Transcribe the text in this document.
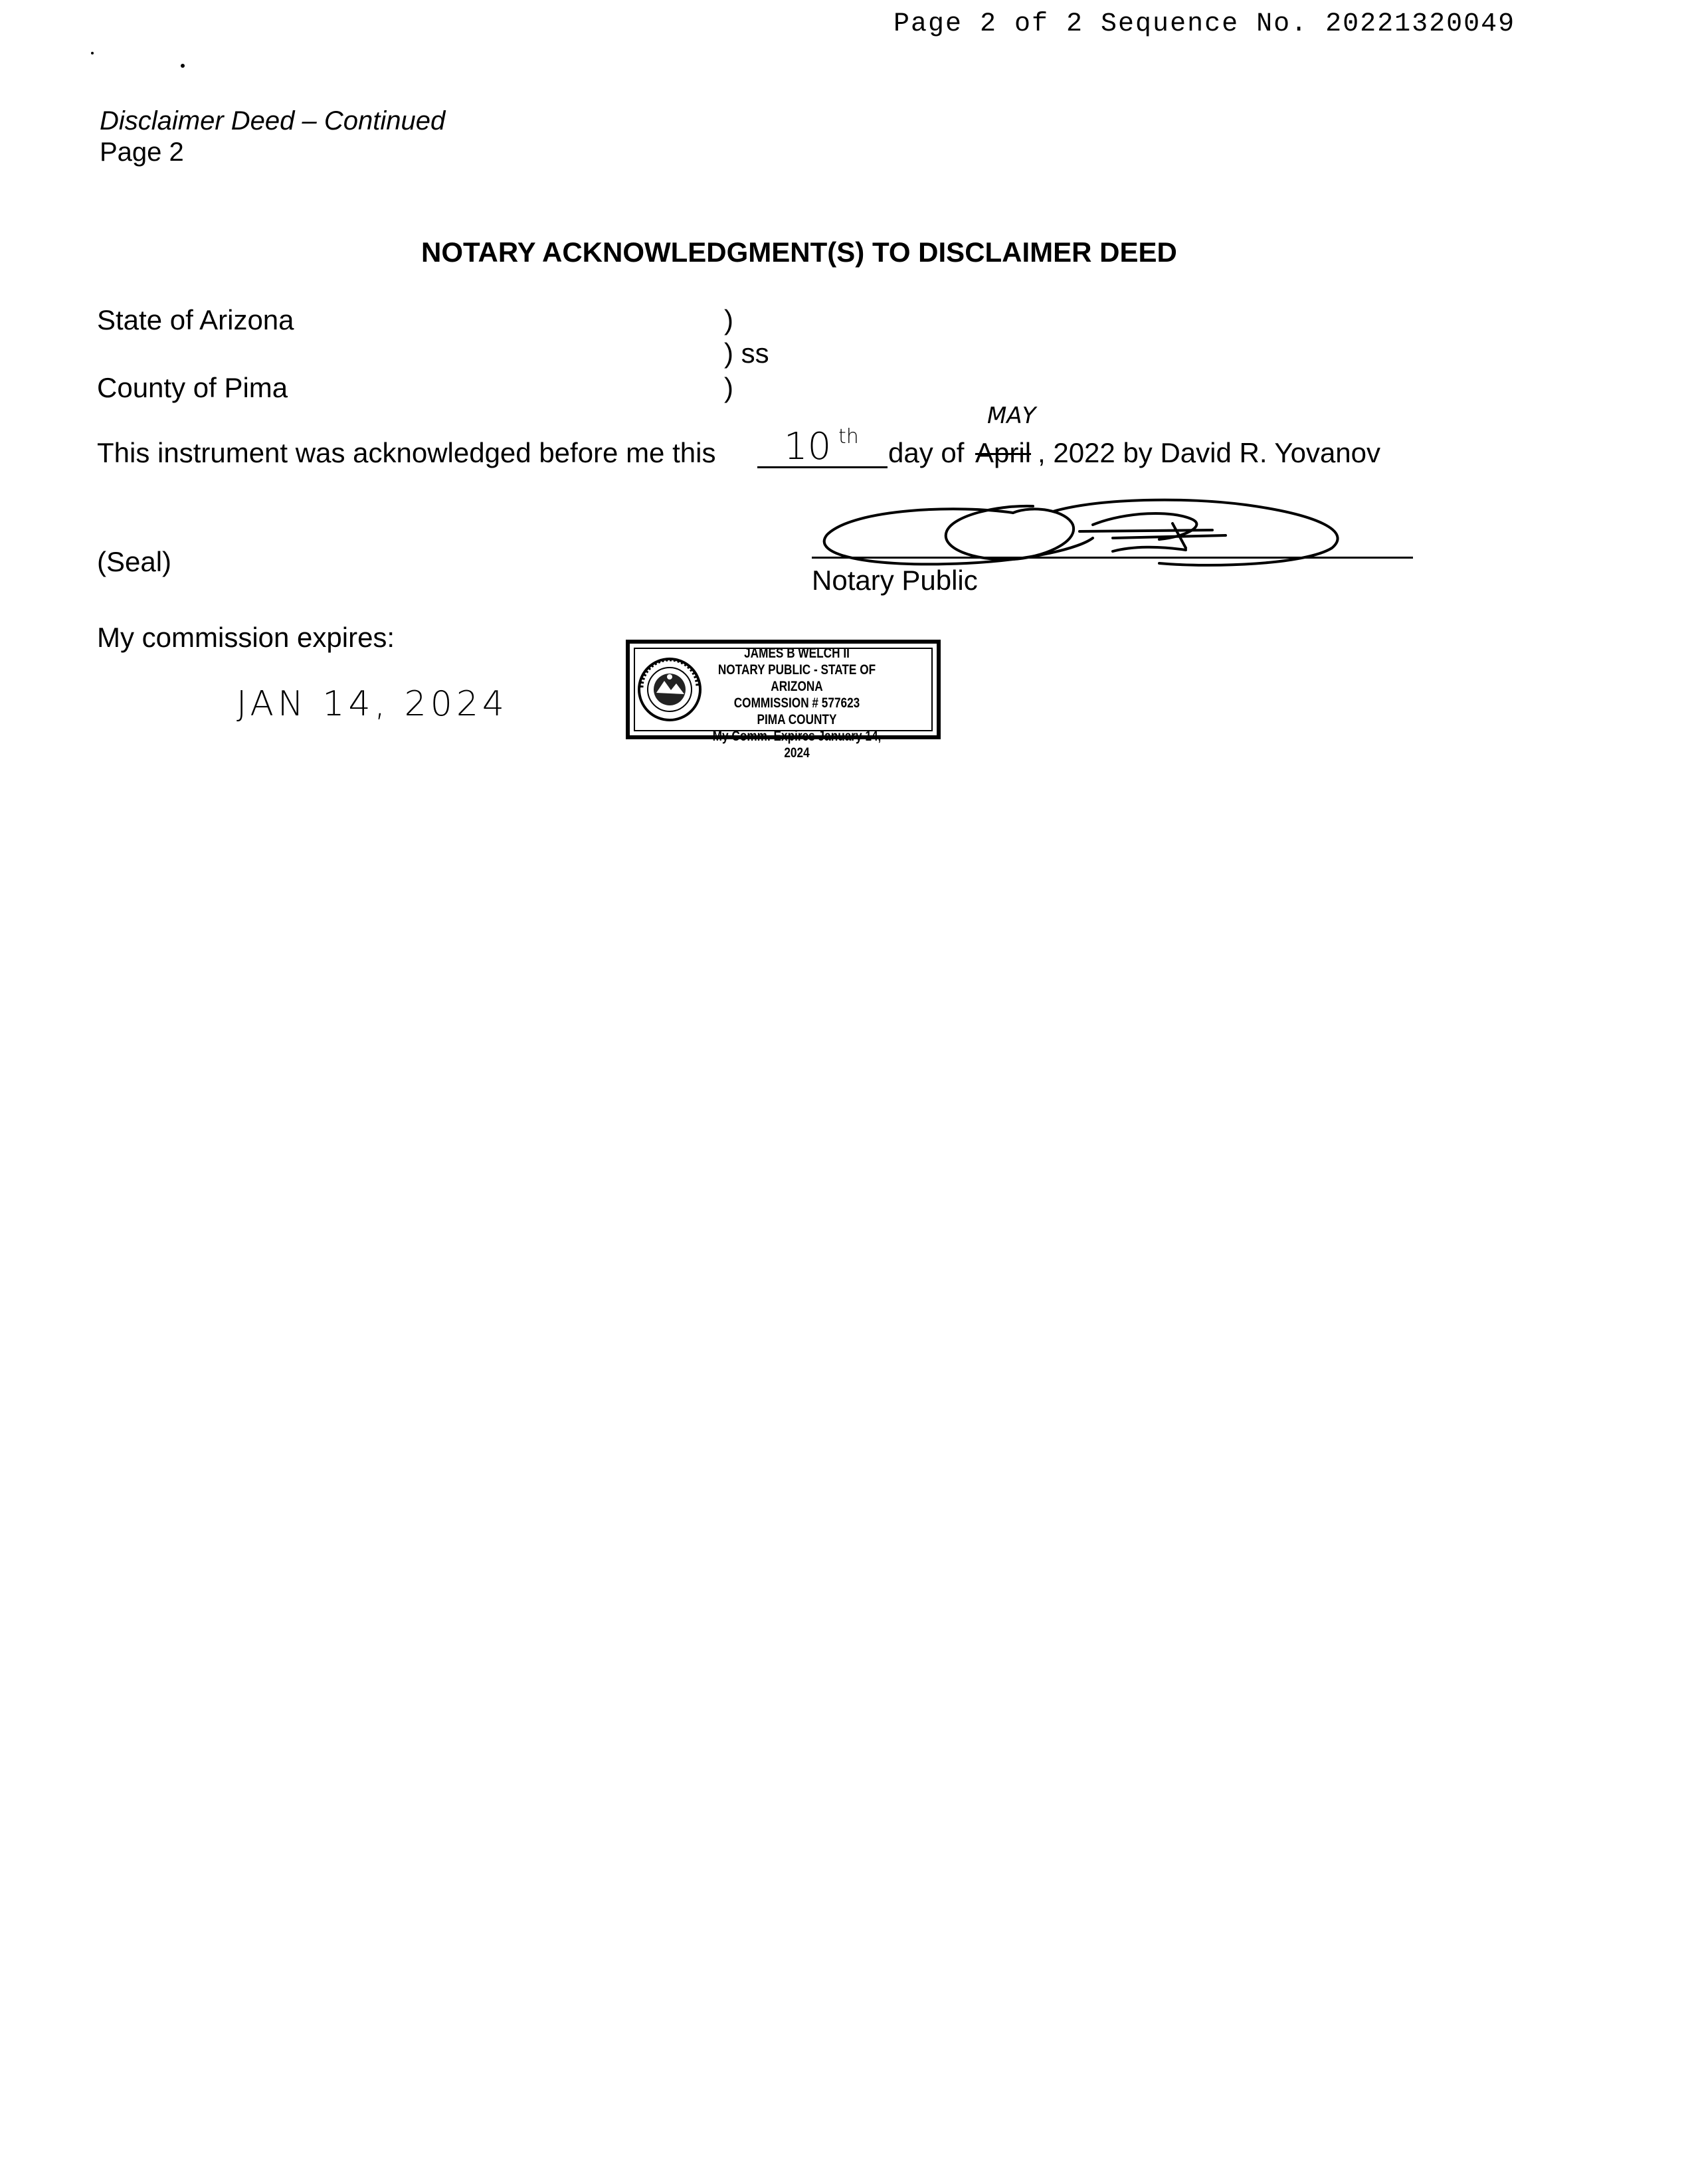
Page 2 of 2 Sequence No. 20221320049
Disclaimer Deed – Continued
Page 2
NOTARY ACKNOWLEDGMENT(S) TO DISCLAIMER DEED
State of Arizona	)
) ss
County of Pima	)
This instrument was acknowledged before me this 10 th
day of
MAY
April , 2022 by David R. Yovanov
(Seal)
Notary Public
My commission expires:
JAN 14, 2024
JAMES B WELCH II
NOTARY PUBLIC - STATE OF ARIZONA
COMMISSION # 577623
PIMA COUNTY
My Comm. Expires January 14, 2024
